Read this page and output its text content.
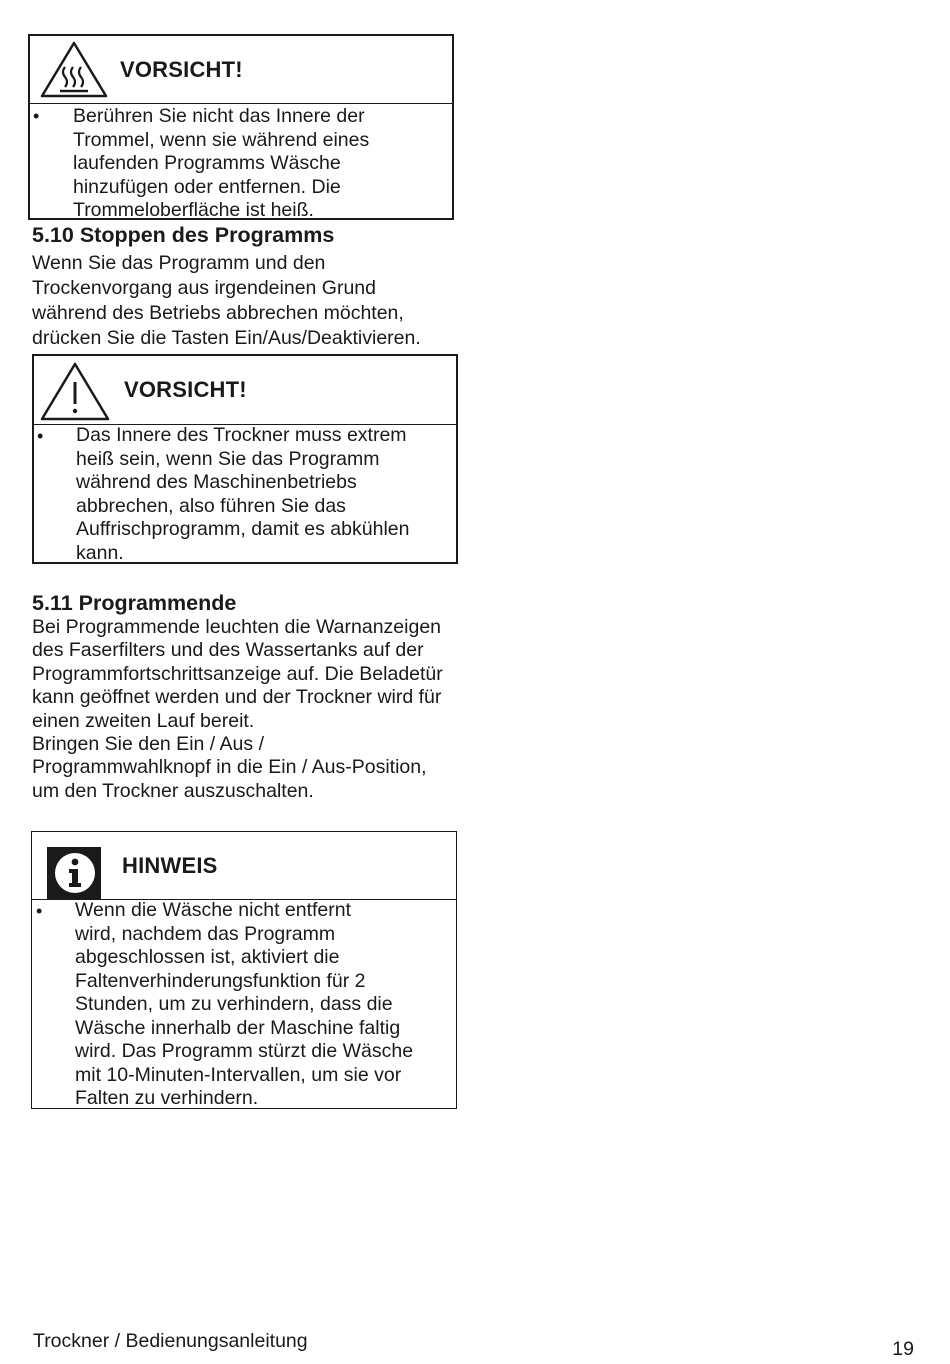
VORSICHT!
• Berühren Sie nicht das Innere der
Trommel, wenn sie während eines
laufenden Programms Wäsche
hinzufügen oder entfernen. Die
Trommeloberfläche ist heiß.
5.10 Stoppen des Programms
Wenn Sie das Programm und den
Trockenvorgang aus irgendeinen Grund
während des Betriebs abbrechen möchten,
drücken Sie die Tasten Ein/Aus/Deaktivieren.
VORSICHT!
• Das Innere des Trockner muss extrem
heiß sein, wenn Sie das Programm
während des Maschinenbetriebs
abbrechen, also führen Sie das
Auffrischprogramm, damit es abkühlen
kann.
5.11 Programmende
Bei Programmende leuchten die Warnanzeigen
des Faserfilters und des Wassertanks auf der
Programmfortschrittsanzeige auf. Die Beladetür
kann geöffnet werden und der Trockner wird für
einen zweiten Lauf bereit.
Bringen Sie den Ein / Aus /
Programmwahlknopf in die Ein / Aus-Position,
um den Trockner auszuschalten.
HINWEIS
• Wenn die Wäsche nicht entfernt
wird, nachdem das Programm
abgeschlossen ist, aktiviert die
Faltenverhinderungsfunktion für 2
Stunden, um zu verhindern, dass die
Wäsche innerhalb der Maschine faltig
wird. Das Programm stürzt die Wäsche
mit 10-Minuten-Intervallen, um sie vor
Falten zu verhindern.
Trockner / Bedienungsanleitung	19
